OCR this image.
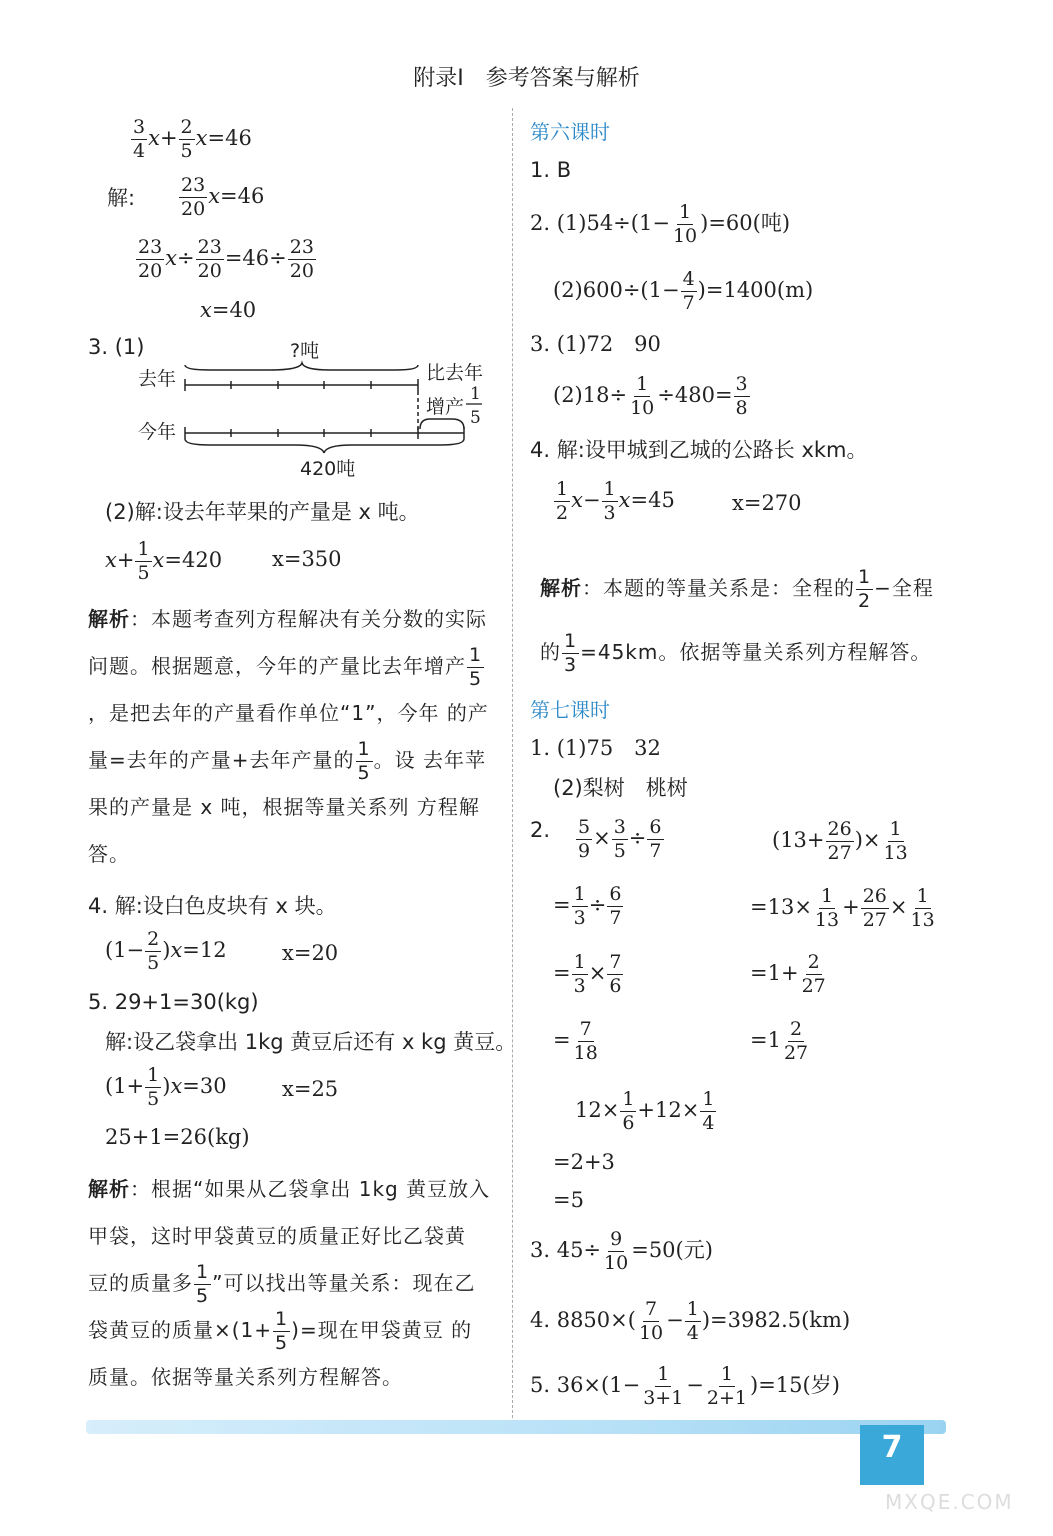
附录Ⅰ　参考答案与解析
$\frac{3}{4} x+ \frac{2}{5} x=46$
解: $\frac{23}{20} x=46$
$\frac{23}{20} x\div \frac{23}{20} =46\div \frac{23}{20}$
x=40
3. (1)	?吨
去年	比去年
增产
1
5
今年
420吨
(2)解:设去年苹果的产量是 x 吨。
$x+ \frac{1}{5} x=420$ x=350
解析：本题考查列方程解决有关分数的实际问题。根据题意，今年的产量比去年增产 $\frac{1}{5}$
，是把去年的产量看作单位“1”，今年 的产量=去年的产量+去年产量的 $\frac{1}{5}$ 。设 去年苹果的产量是 x 吨，根据等量关系列 方程解答。
4. 解:设白色皮块有 x 块。
$(1- \frac{2}{5} )x=12$	x=20
5. 29+1=30(kg)
解:设乙袋拿出 1kg 黄豆后还有 x kg 黄豆。
$(1+ \frac{1}{5} )x=30$	x=25
25+1=26(kg)
解析：根据“如果从乙袋拿出 1kg 黄豆放入 甲袋，这时甲袋黄豆的质量正好比乙袋黄 豆的质量多 $\frac{1}{5}$ ”可以找出等量关系：现在乙 袋黄豆的质量$\times(1+ \frac{1}{5}$ )=现在甲袋黄豆 的质量。依据等量关系列方程解答。
第六课时
1. B
2. $(1)54\div(1- \frac{1}{10} )=60$(吨)
$(2)600\div(1- \frac{4}{7} )=1400(m)$
3. (1)72　90
$(2)18\div \frac{1}{10} \div 480= \frac{3}{8}$
4. 解:设甲城到乙城的公路长 xkm。
$\frac{1}{2} x- \frac{1}{3} x=45$	x=270
解析：本题的等量关系是：全程的 $\frac{1}{2}$ −全程 的 $\frac{1}{3} =45km$。依据等量关系列方程解答。
第七课时
1. (1)75　32
(2)梨树　桃树
2. $\frac{5}{9} \times \frac{3}{5} \div \frac{6}{7}$
= $\frac{1}{3} \div \frac{6}{7}$
= $\frac{1}{3} \times \frac{7}{6}$
= $\frac{7}{18}$
($13+ \frac{26}{27}$ )× $\frac{1}{13}$
$=13\times \frac{1}{13} + \frac{26}{27} \times \frac{1}{13}$
$=1+ \frac{2}{27}$
$=1 \frac{2}{27}$
$12\times \frac{1}{6} +12\times \frac{1}{4}$
=2+3
=5
3. $45\div \frac{9}{10} =50$(元)
4. $8850\times( \frac{7}{10} - \frac{1}{4} )=3982.5(km)$
5. $36\times(1- \frac{1}{3+1} - \frac{1}{2+1} )=15$(岁)
7
MXQE.COM
